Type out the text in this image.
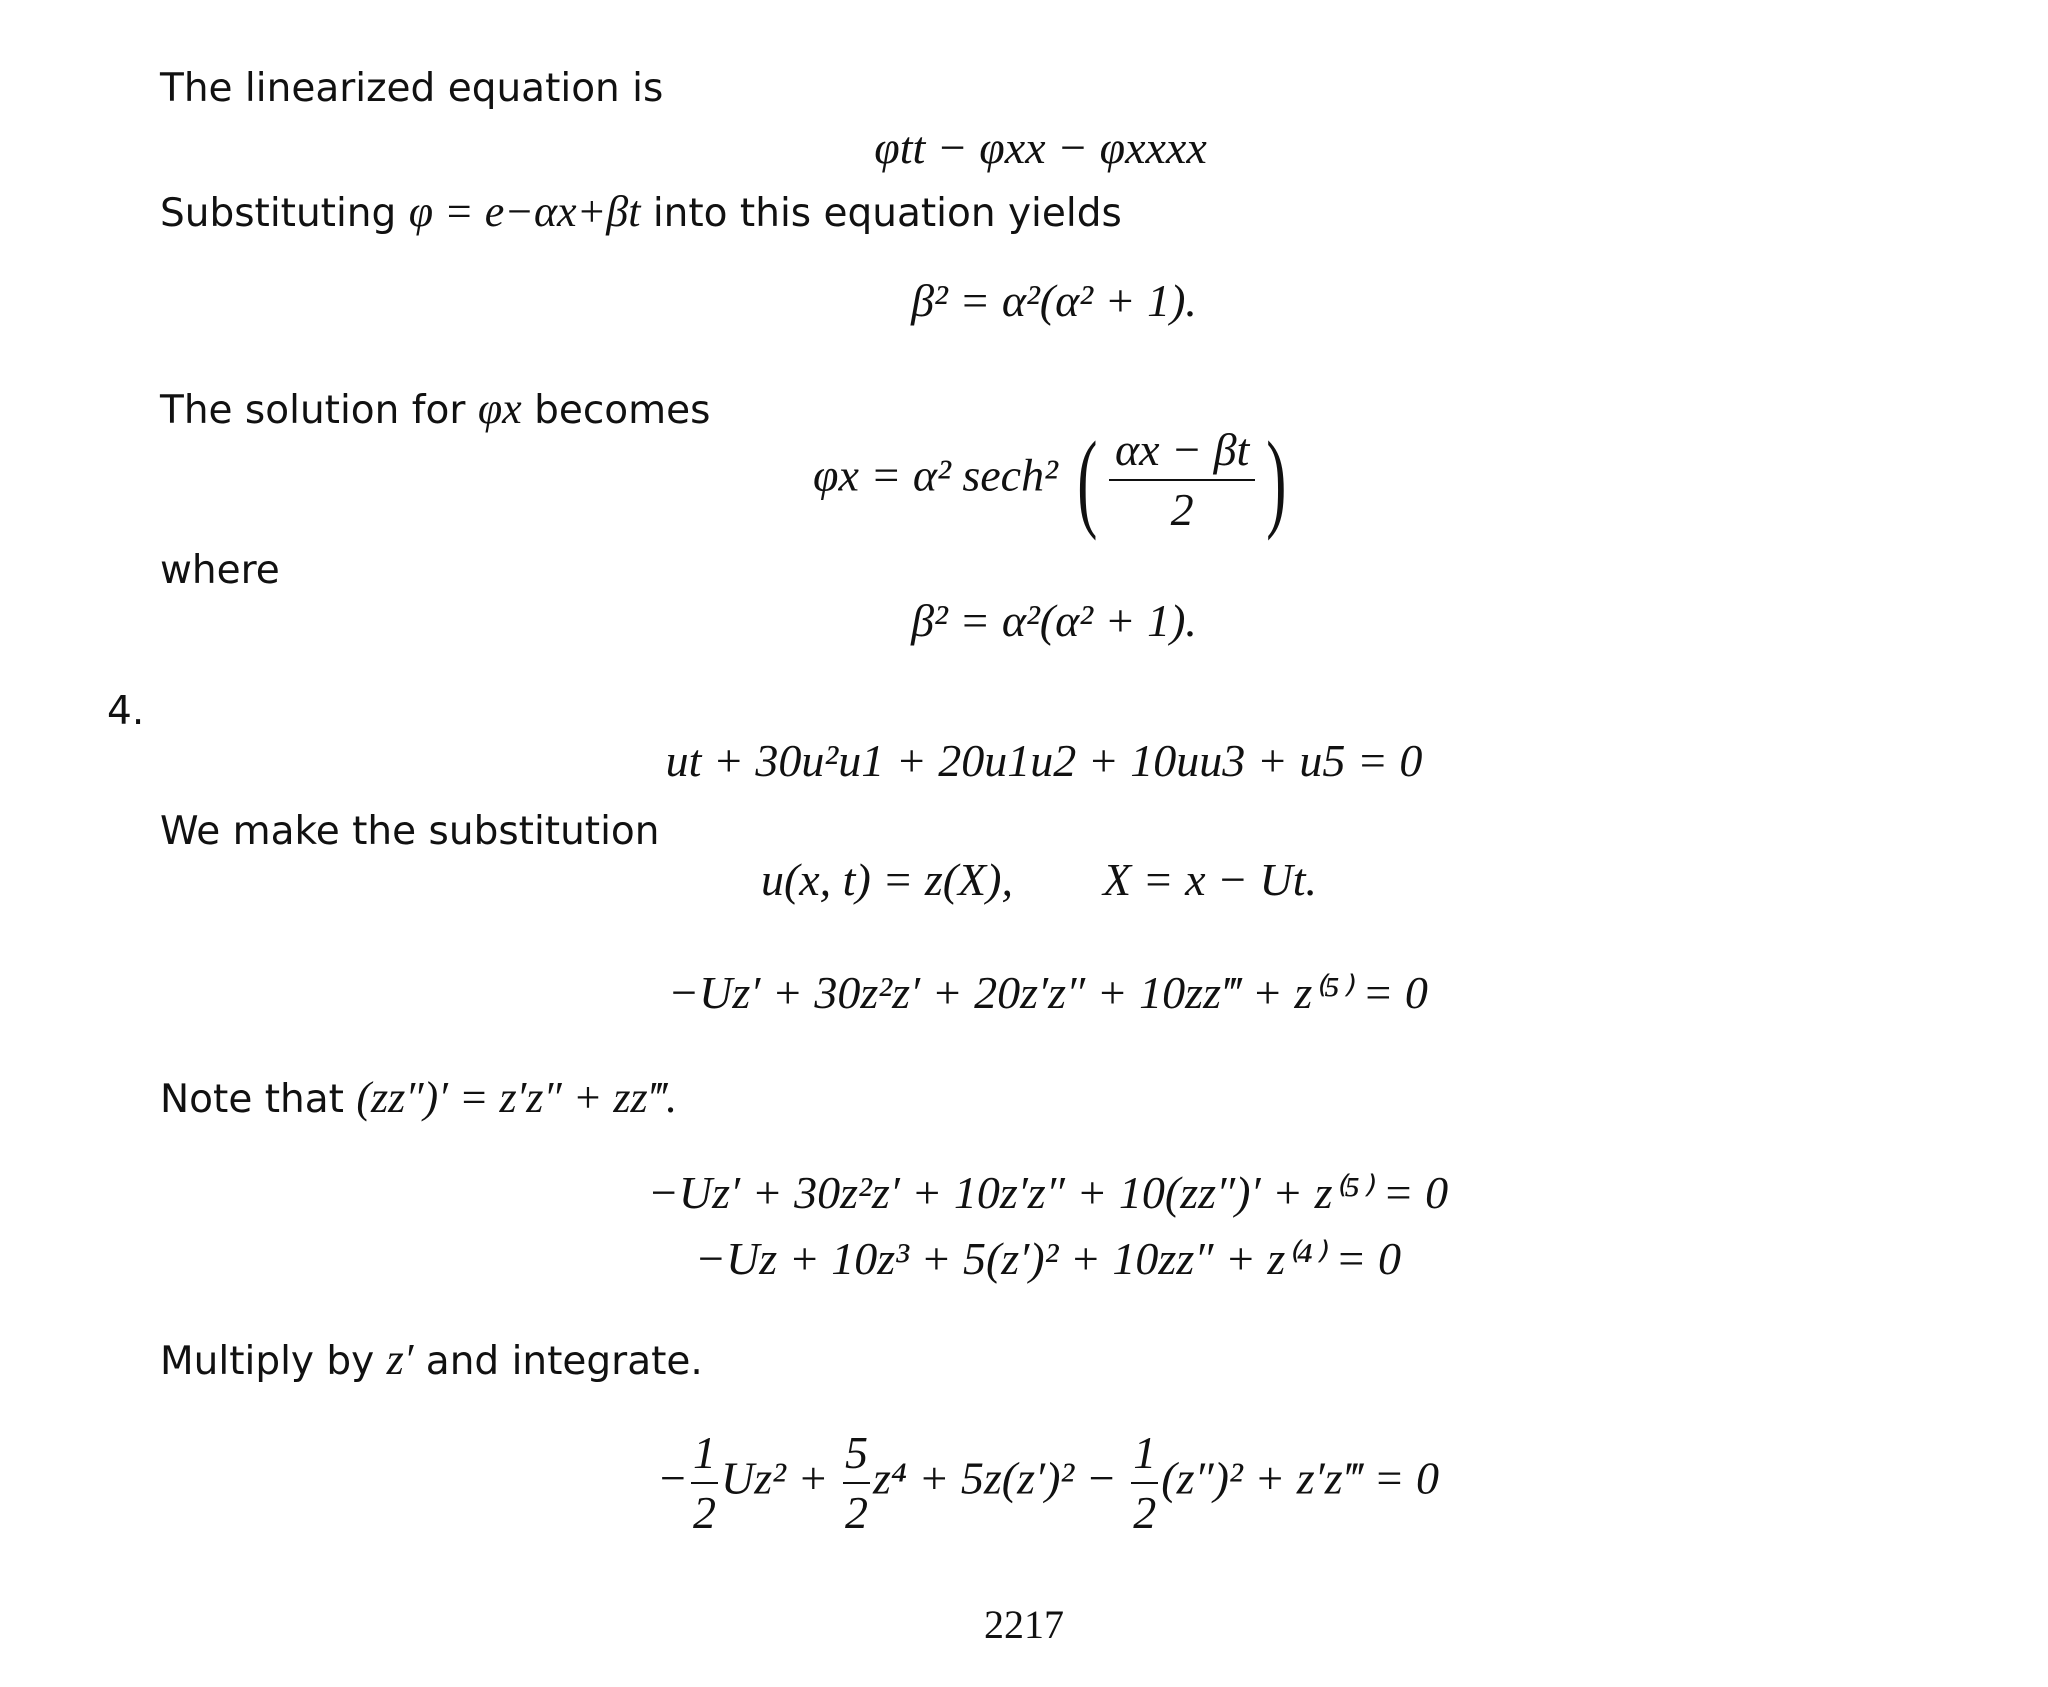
The linearized equation is
φtt − φxx − φxxxx
Substituting φ = e−αx+βt into this equation yields
β² = α²(α² + 1).
The solution for φx becomes
φx = α² sech² ( $\frac{\alpha x - \beta t}{2}$ )
where
β² = α²(α² + 1).
4.
ut + 30u²u1 + 20u1u2 + 10uu3 + u5 = 0
We make the substitution
u(x, t) = z(X), X = x − Ut.
−Uz′ + 30z²z′ + 20z′z″ + 10zz‴ + z⁽⁵⁾ = 0
Note that (zz″)′ = z′z″ + zz‴.
−Uz′ + 30z²z′ + 10z′z″ + 10(zz″)′ + z⁽⁵⁾ = 0
−Uz + 10z³ + 5(z′)² + 10zz″ + z⁽⁴⁾ = 0
Multiply by z′ and integrate.
− $\frac{1}{2} Uz^2 + \frac{5}{2} z^4 + 5z(z')^2 - \frac{1}{2} (z'')^2$ + z′z‴ = 0
2217
